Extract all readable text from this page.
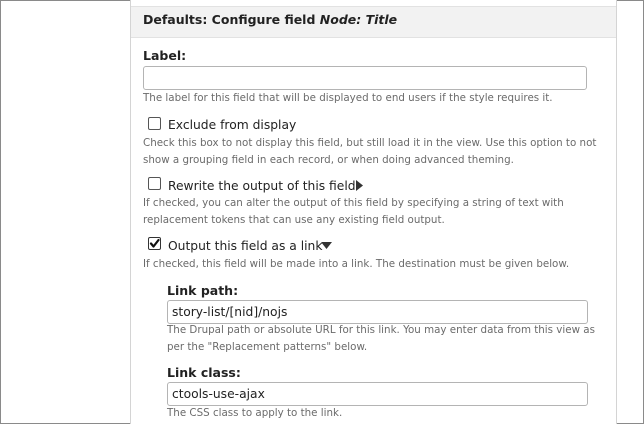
Defaults: Configure field Node: Title
Label:
The label for this field that will be displayed to end users if the style requires it.
Exclude from display
Check this box to not display this field, but still load it in the view. Use this option to not show a grouping field in each record, or when doing advanced theming.
Rewrite the output of this field
If checked, you can alter the output of this field by specifying a string of text with replacement tokens that can use any existing field output.
Output this field as a link
If checked, this field will be made into a link. The destination must be given below.
Link path:
story-list/[nid]/nojs
The Drupal path or absolute URL for this link. You may enter data from this view as per the "Replacement patterns" below.
Link class:
ctools-use-ajax
The CSS class to apply to the link.
